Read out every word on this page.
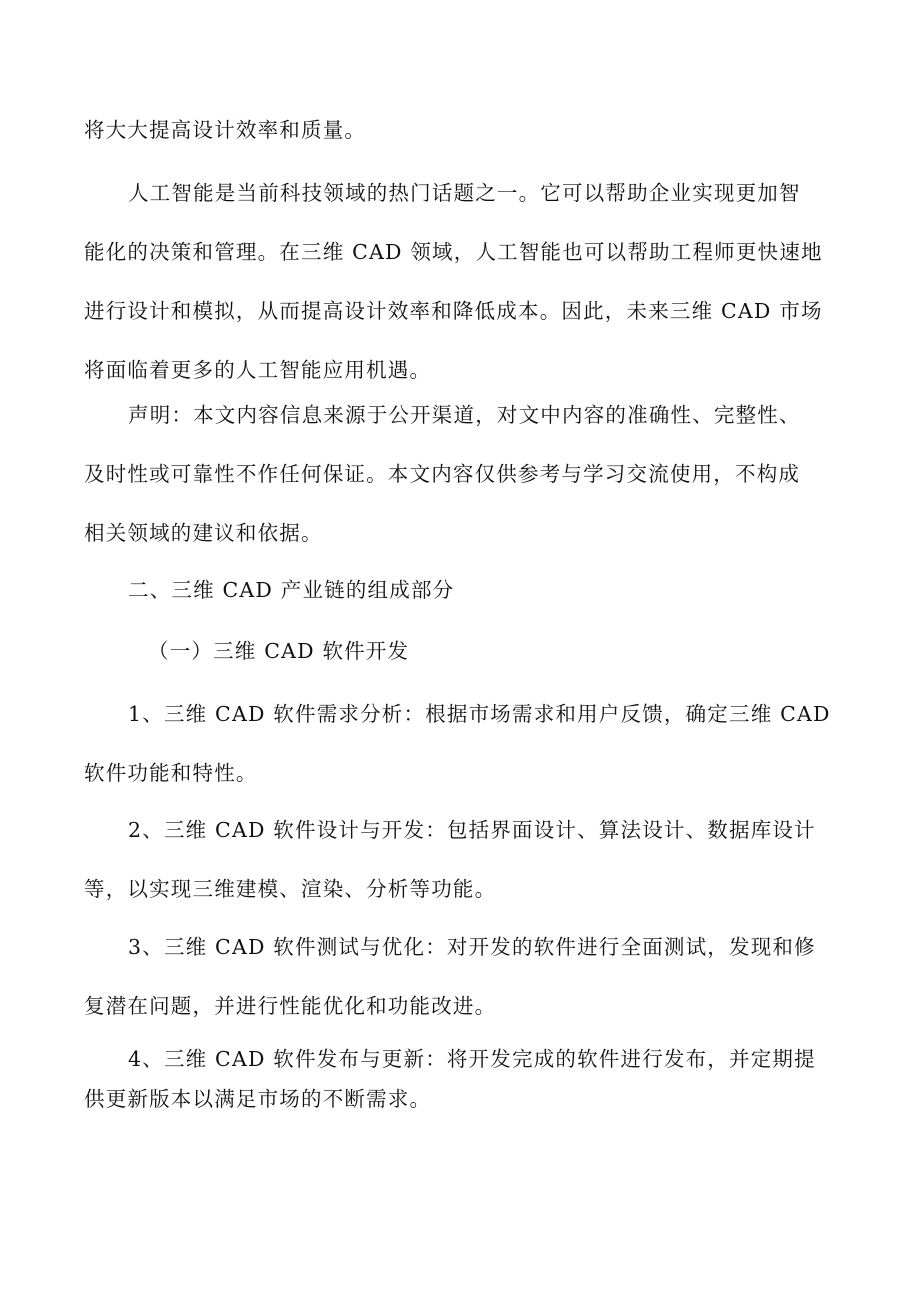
将大大提高设计效率和质量。
人工智能是当前科技领域的热门话题之一。它可以帮助企业实现更加智
能化的决策和管理。在三维 CAD 领域，人工智能也可以帮助工程师更快速地
进行设计和模拟，从而提高设计效率和降低成本。因此，未来三维 CAD 市场
将面临着更多的人工智能应用机遇。
声明：本文内容信息来源于公开渠道，对文中内容的准确性、完整性、
及时性或可靠性不作任何保证。本文内容仅供参考与学习交流使用，不构成
相关领域的建议和依据。
二、三维 CAD 产业链的组成部分
（一）三维 CAD 软件开发
1、三维 CAD 软件需求分析：根据市场需求和用户反馈，确定三维 CAD
软件功能和特性。
2、三维 CAD 软件设计与开发：包括界面设计、算法设计、数据库设计
等，以实现三维建模、渲染、分析等功能。
3、三维 CAD 软件测试与优化：对开发的软件进行全面测试，发现和修
复潜在问题，并进行性能优化和功能改进。
4、三维 CAD 软件发布与更新：将开发完成的软件进行发布，并定期提
供更新版本以满足市场的不断需求。
